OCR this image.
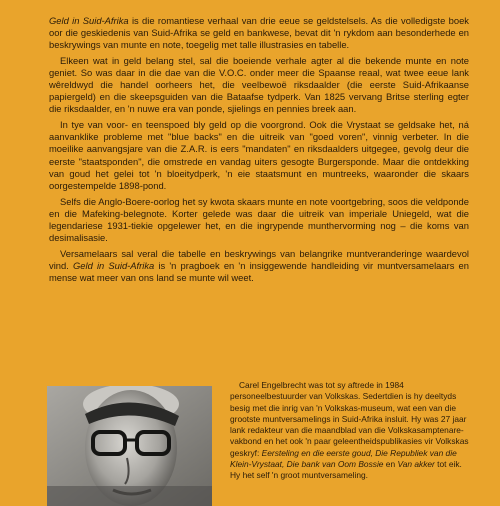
Geld in Suid-Afrika is die romantiese verhaal van drie eeue se geldstelsels. As die volledigste boek oor die geskiedenis van Suid-Afrika se geld en bankwese, bevat dit 'n rykdom aan besonderhede en beskrywings van munte en note, toegelig met talle illustrasies en tabelle.

Elkeen wat in geld belang stel, sal die boeiende verhale agter al die bekende munte en note geniet. So was daar in die dae van die V.O.C. onder meer die Spaanse reaal, wat twee eeue lank wêreldwyd die handel oorheers het, die veelbewoë riksdaalder (die eerste Suid-Afrikaanse papiergeld) en die skeepsguiden van die Bataafse tydperk. Van 1825 vervang Britse sterling egter die riksdaalder, en 'n nuwe era van ponde, sjielings en pennies breek aan.

In tye van voor- en teenspoed bly geld op die voorgrond. Ook die Vrystaat se geldsake het, ná aanvanklike probleme met "blue backs" en die uitreik van "goed voren", vinnig verbeter. In die moeilike aanvangsjare van die Z.A.R. is eers "mandaten" en riksdaalders uitgegee, gevolg deur die eerste "staatsponden", die omstrede en vandag uiters gesogte Burgersponde. Maar die ontdekking van goud het gelei tot 'n bloeitydperk, 'n eie staatsmunt en muntreeks, waaronder die skaars oorgestempelde 1898-pond.

Selfs die Anglo-Boere-oorlog het sy kwota skaars munte en note voortgebring, soos die veldponde en die Mafeking-belegnote. Korter gelede was daar die uitreik van imperiale Uniegeld, wat die legendariese 1931-tiekie opgelewer het, en die ingrypende munthervorming nog – die koms van desimalisasie.

Versamelaars sal veral die tabelle en beskrywings van belangrike muntveranderinge waardevol vind. Geld in Suid-Afrika is 'n pragboek en 'n insiggewende handleiding vir muntversamelaars en mense wat meer van ons land se munte wil weet.

Carel Engelbrecht was tot sy aftrede in 1984 personeelbestuurder van Volkskas. Sedertdien is hy deeltyds besig met die inrig van 'n Volkskas-museum, wat een van die grootste muntversamelings in Suid-Afrika insluit. Hy was 27 jaar lank redakteur van die maandblad van die Volkskasamptenare-vakbond en het ook 'n paar geleentheidspublikasies vir Volkskas geskryf: Eersteling en die eerste goud, Die Republiek van die Klein-Vrystaat, Die bank van Oom Bossie en Van akker tot eik. Hy het self 'n groot muntversameling.
